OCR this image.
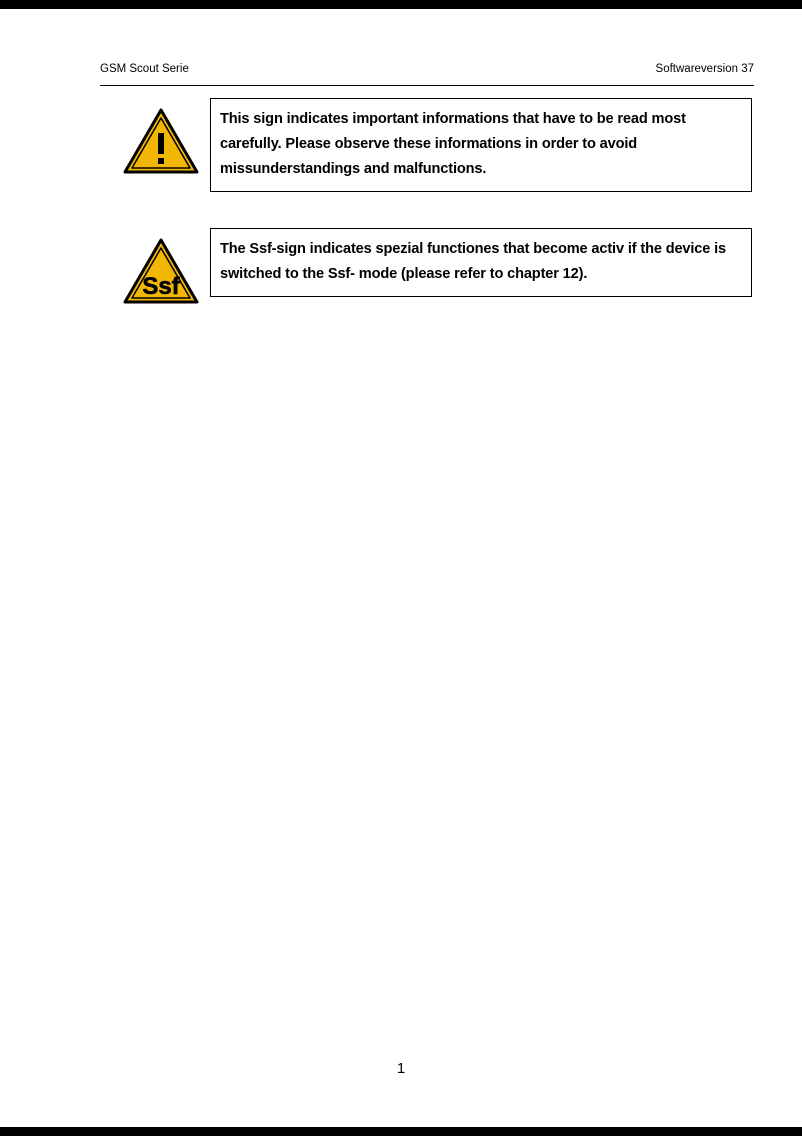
GSM Scout Serie	Softwareversion 37
This sign indicates important informations that have to be read most carefully. Please observe these informations in order to avoid missunderstandings and malfunctions.
Ssf
The Ssf-sign indicates spezial functiones that become activ if the device is switched to the Ssf- mode (please refer to chapter 12).
1
